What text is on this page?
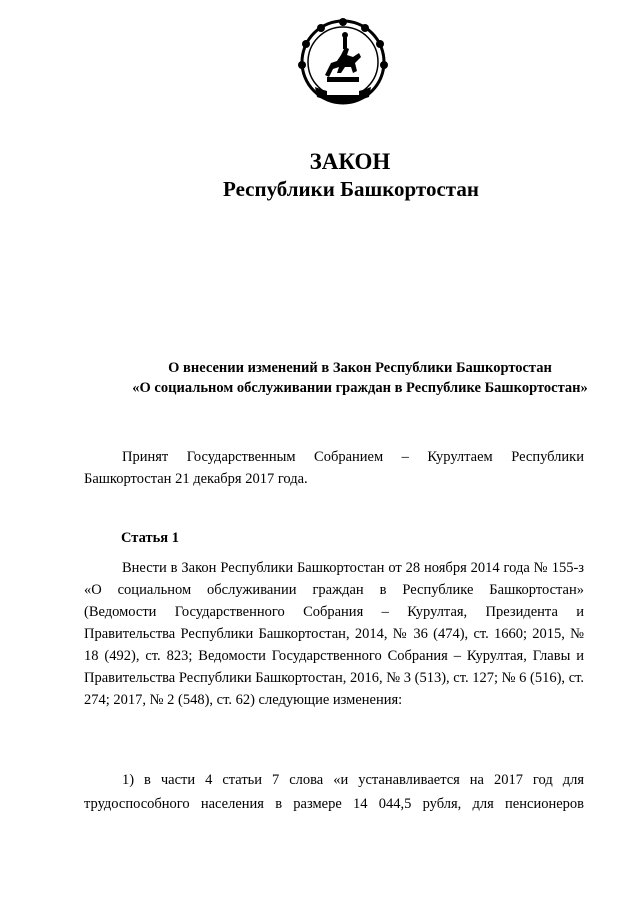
ЗАКОН
Республики Башкортостан
О внесении изменений в Закон Республики Башкортостан
«О социальном обслуживании граждан в Республике Башкортостан»

Принят Государственным Собранием – Курултаем Республики Башкортостан 21 декабря 2017 года.

Статья 1

Внести в Закон Республики Башкортостан от 28 ноября 2014 года № 155-з «О социальном обслуживании граждан в Республике Башкортостан» (Ведомости Государственного Собрания – Курултая, Президента и Правительства Республики Башкортостан, 2014, № 36 (474), ст. 1660; 2015, № 18 (492), ст. 823; Ведомости Государственного Собрания – Курултая, Главы и Правительства Республики Башкортостан, 2016, № 3 (513), ст. 127; № 6 (516), ст. 274; 2017, № 2 (548), ст. 62) следующие изменения:

1) в части 4 статьи 7 слова «и устанавливается на 2017 год для трудоспособного населения в размере 14 044,5 рубля, для пенсионеров
